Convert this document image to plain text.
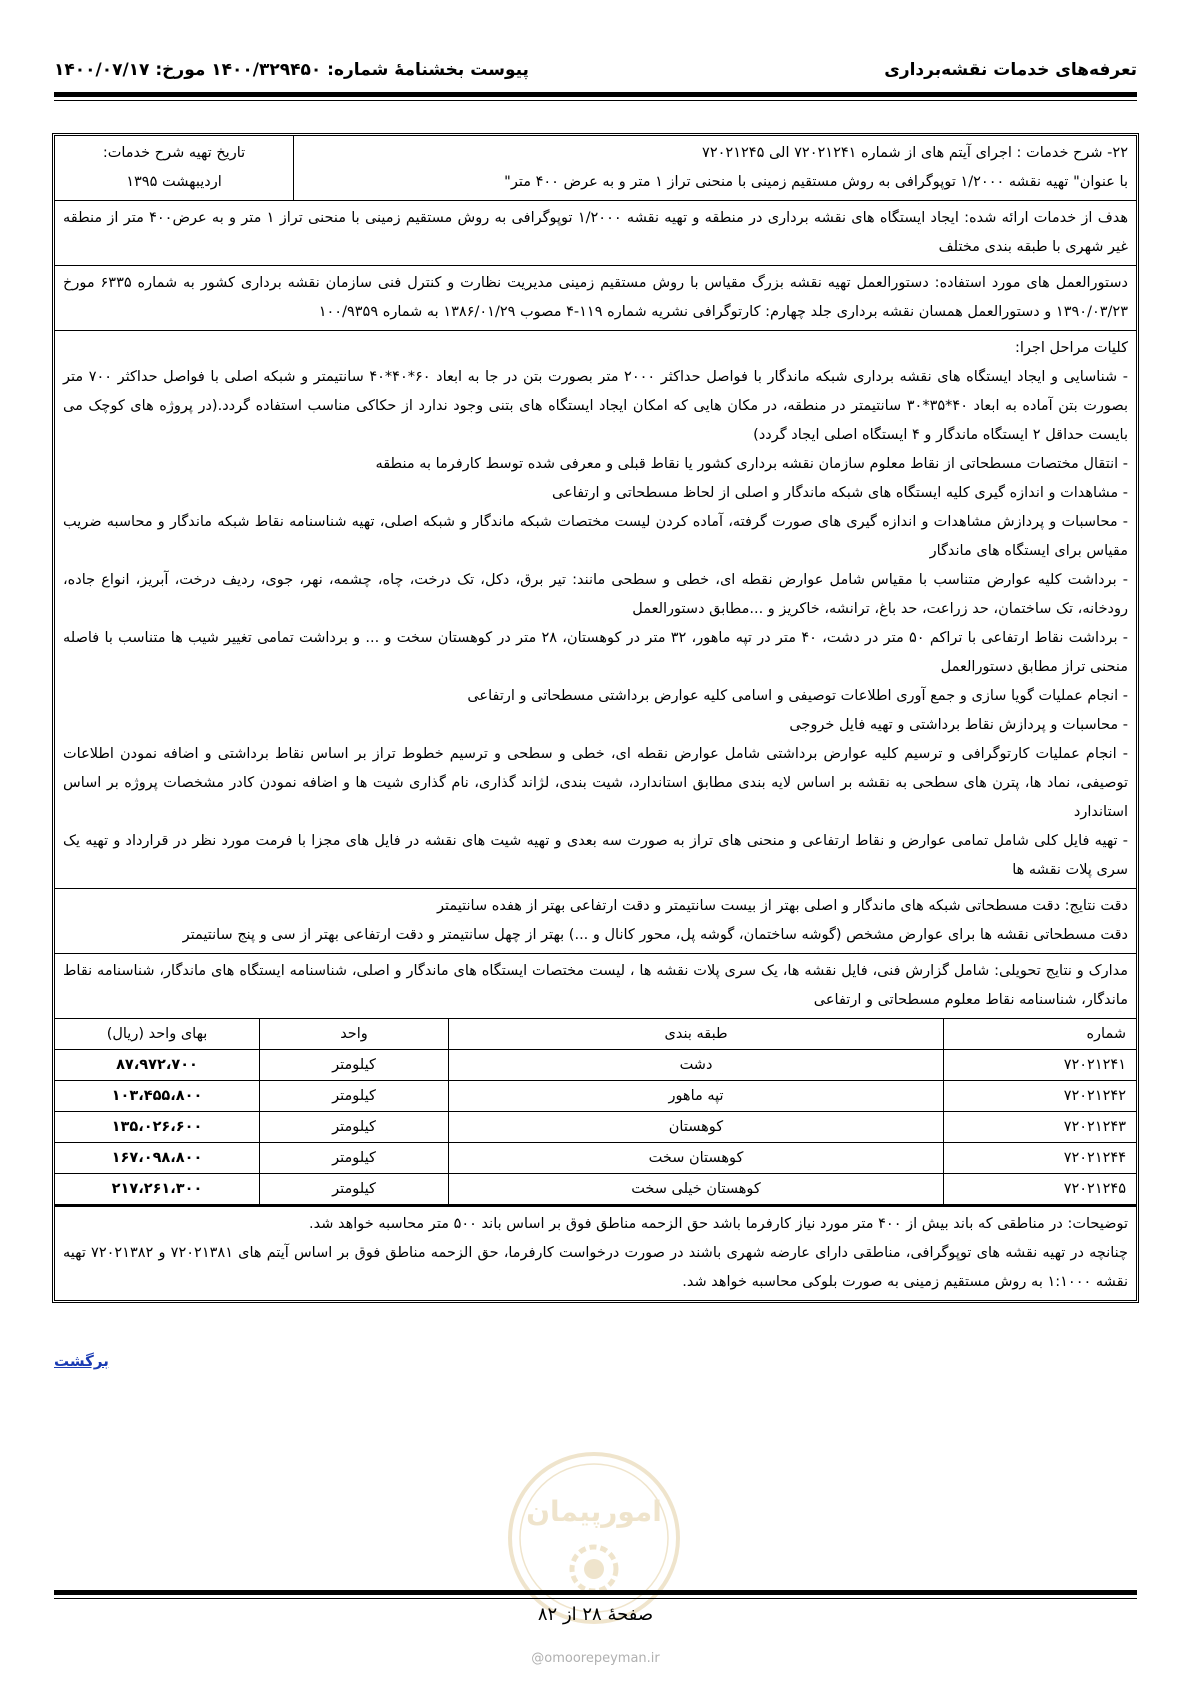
تعرفه‌های خدمات نقشه‌برداری
پیوست بخشنامهٔ شماره: ۱۴۰۰/۳۲۹۴۵۰ مورخ: ۱۴۰۰/۰۷/۱۷
۲۲- شرح خدمات : اجرای آیتم های از شماره ۷۲۰۲۱۲۴۱ الی ۷۲۰۲۱۲۴۵
با عنوان" تهیه نقشه ۱/۲۰۰۰ توپوگرافی به روش مستقیم زمینی با منحنی تراز ۱ متر و به عرض ۴۰۰ متر"
تاریخ تهیه شرح خدمات:
اردیبهشت ۱۳۹۵
هدف از خدمات ارائه شده: ایجاد ایستگاه های نقشه برداری در منطقه و تهیه نقشه ۱/۲۰۰۰ توپوگرافی به روش مستقیم زمینی با منحنی تراز ۱ متر و به عرض۴۰۰ متر از منطقه غیر شهری با طبقه بندی مختلف
دستورالعمل های مورد استفاده: دستورالعمل تهیه نقشه بزرگ مقیاس با روش مستقیم زمینی مدیریت نظارت و کنترل فنی سازمان نقشه برداری کشور به شماره ۶۳۳۵ مورخ ۱۳۹۰/۰۳/۲۳ و دستورالعمل همسان نقشه برداری جلد چهارم: کارتوگرافی نشریه شماره ۱۱۹-۴ مصوب ۱۳۸۶/۰۱/۲۹ به شماره ۱۰۰/۹۳۵۹
کلیات مراحل اجرا:
- شناسایی و ایجاد ایستگاه های نقشه برداری شبکه ماندگار با فواصل حداکثر ۲۰۰۰ متر بصورت بتن در جا به ابعاد ۶۰*۴۰*۴۰ سانتیمتر و شبکه اصلی با فواصل حداکثر ۷۰۰ متر بصورت بتن آماده به ابعاد ۴۰*۳۵*۳۰ سانتیمتر در منطقه، در مکان هایی که امکان ایجاد ایستگاه های بتنی وجود ندارد از حکاکی مناسب استفاده گردد.(در پروژه های کوچک می بایست حداقل ۲ ایستگاه ماندگار و ۴ ایستگاه اصلی ایجاد گردد)
- انتقال مختصات مسطحاتی از نقاط معلوم سازمان نقشه برداری کشور یا نقاط قبلی و معرفی شده توسط کارفرما به منطقه
- مشاهدات و اندازه گیری کلیه ایستگاه های شبکه ماندگار و اصلی از لحاظ مسطحاتی و ارتفاعی
- محاسبات و پردازش مشاهدات و اندازه گیری های صورت گرفته، آماده کردن لیست مختصات شبکه ماندگار و شبکه اصلی، تهیه شناسنامه نقاط شبکه ماندگار و محاسبه ضریب مقیاس برای ایستگاه های ماندگار
- برداشت کلیه عوارض متناسب با مقیاس شامل عوارض نقطه ای، خطی و سطحی مانند: تیر برق، دکل، تک درخت، چاه، چشمه، نهر، جوی، ردیف درخت، آبریز، انواع جاده، رودخانه، تک ساختمان، حد زراعت، حد باغ، ترانشه، خاکریز و ...مطابق دستورالعمل
- برداشت نقاط ارتفاعی با تراکم ۵۰ متر در دشت، ۴۰ متر در تپه ماهور، ۳۲ متر در کوهستان، ۲۸ متر در کوهستان سخت و ... و برداشت تمامی تغییر شیب ها متناسب با فاصله منحنی تراز مطابق دستورالعمل
- انجام عملیات گویا سازی و جمع آوری اطلاعات توصیفی و اسامی کلیه عوارض برداشتی مسطحاتی و ارتفاعی
- محاسبات و پردازش نقاط برداشتی و تهیه فایل خروجی
- انجام عملیات کارتوگرافی و ترسیم کلیه عوارض برداشتی شامل عوارض نقطه ای، خطی و سطحی و ترسیم خطوط تراز بر اساس نقاط برداشتی و اضافه نمودن اطلاعات توصیفی، نماد ها، پترن های سطحی به نقشه بر اساس لایه بندی مطابق استاندارد، شیت بندی، لژاند گذاری، نام گذاری شیت ها و اضافه نمودن کادر مشخصات پروژه بر اساس استاندارد
- تهیه فایل کلی شامل تمامی عوارض و نقاط ارتفاعی و منحنی های تراز به صورت سه بعدی و تهیه شیت های نقشه در فایل های مجزا با فرمت مورد نظر در قرارداد و تهیه یک سری پلات نقشه ها
دقت نتایج: دقت مسطحاتی شبکه های ماندگار و اصلی بهتر از بیست سانتیمتر و دقت ارتفاعی بهتر از هفده سانتیمتر
دقت مسطحاتی نقشه ها برای عوارض مشخص (گوشه ساختمان، گوشه پل، محور کانال و ...) بهتر از چهل سانتیمتر و دقت ارتفاعی بهتر از سی و پنج سانتیمتر
مدارک و نتایج تحویلی: شامل گزارش فنی، فایل نقشه ها، یک سری پلات نقشه ها ، لیست مختصات ایستگاه های ماندگار و اصلی، شناسنامه ایستگاه های ماندگار، شناسنامه نقاط ماندگار، شناسنامه نقاط معلوم مسطحاتی و ارتفاعی
شماره	طبقه بندی	واحد	بهای واحد (ریال)
۷۲۰۲۱۲۴۱	دشت	کیلومتر	۸۷،۹۷۲،۷۰۰
۷۲۰۲۱۲۴۲	تپه ماهور	کیلومتر	۱۰۳،۴۵۵،۸۰۰
۷۲۰۲۱۲۴۳	کوهستان	کیلومتر	۱۳۵،۰۲۶،۶۰۰
۷۲۰۲۱۲۴۴	کوهستان سخت	کیلومتر	۱۶۷،۰۹۸،۸۰۰
۷۲۰۲۱۲۴۵	کوهستان خیلی سخت	کیلومتر	۲۱۷،۲۶۱،۳۰۰
توضیحات: در مناطقی که باند بیش از ۴۰۰ متر مورد نیاز کارفرما باشد حق الزحمه مناطق فوق بر اساس باند ۵۰۰ متر محاسبه خواهد شد.
چنانچه در تهیه نقشه های توپوگرافی، مناطقی دارای عارضه شهری باشند در صورت درخواست کارفرما، حق الزحمه مناطق فوق بر اساس آیتم های ۷۲۰۲۱۳۸۱ و ۷۲۰۲۱۳۸۲ تهیه نقشه ۱:۱۰۰۰ به روش مستقیم زمینی به صورت بلوکی محاسبه خواهد شد.
برگشت
امورپیمان
صفحهٔ ۲۸ از ۸۲
@omoorepeyman.ir
